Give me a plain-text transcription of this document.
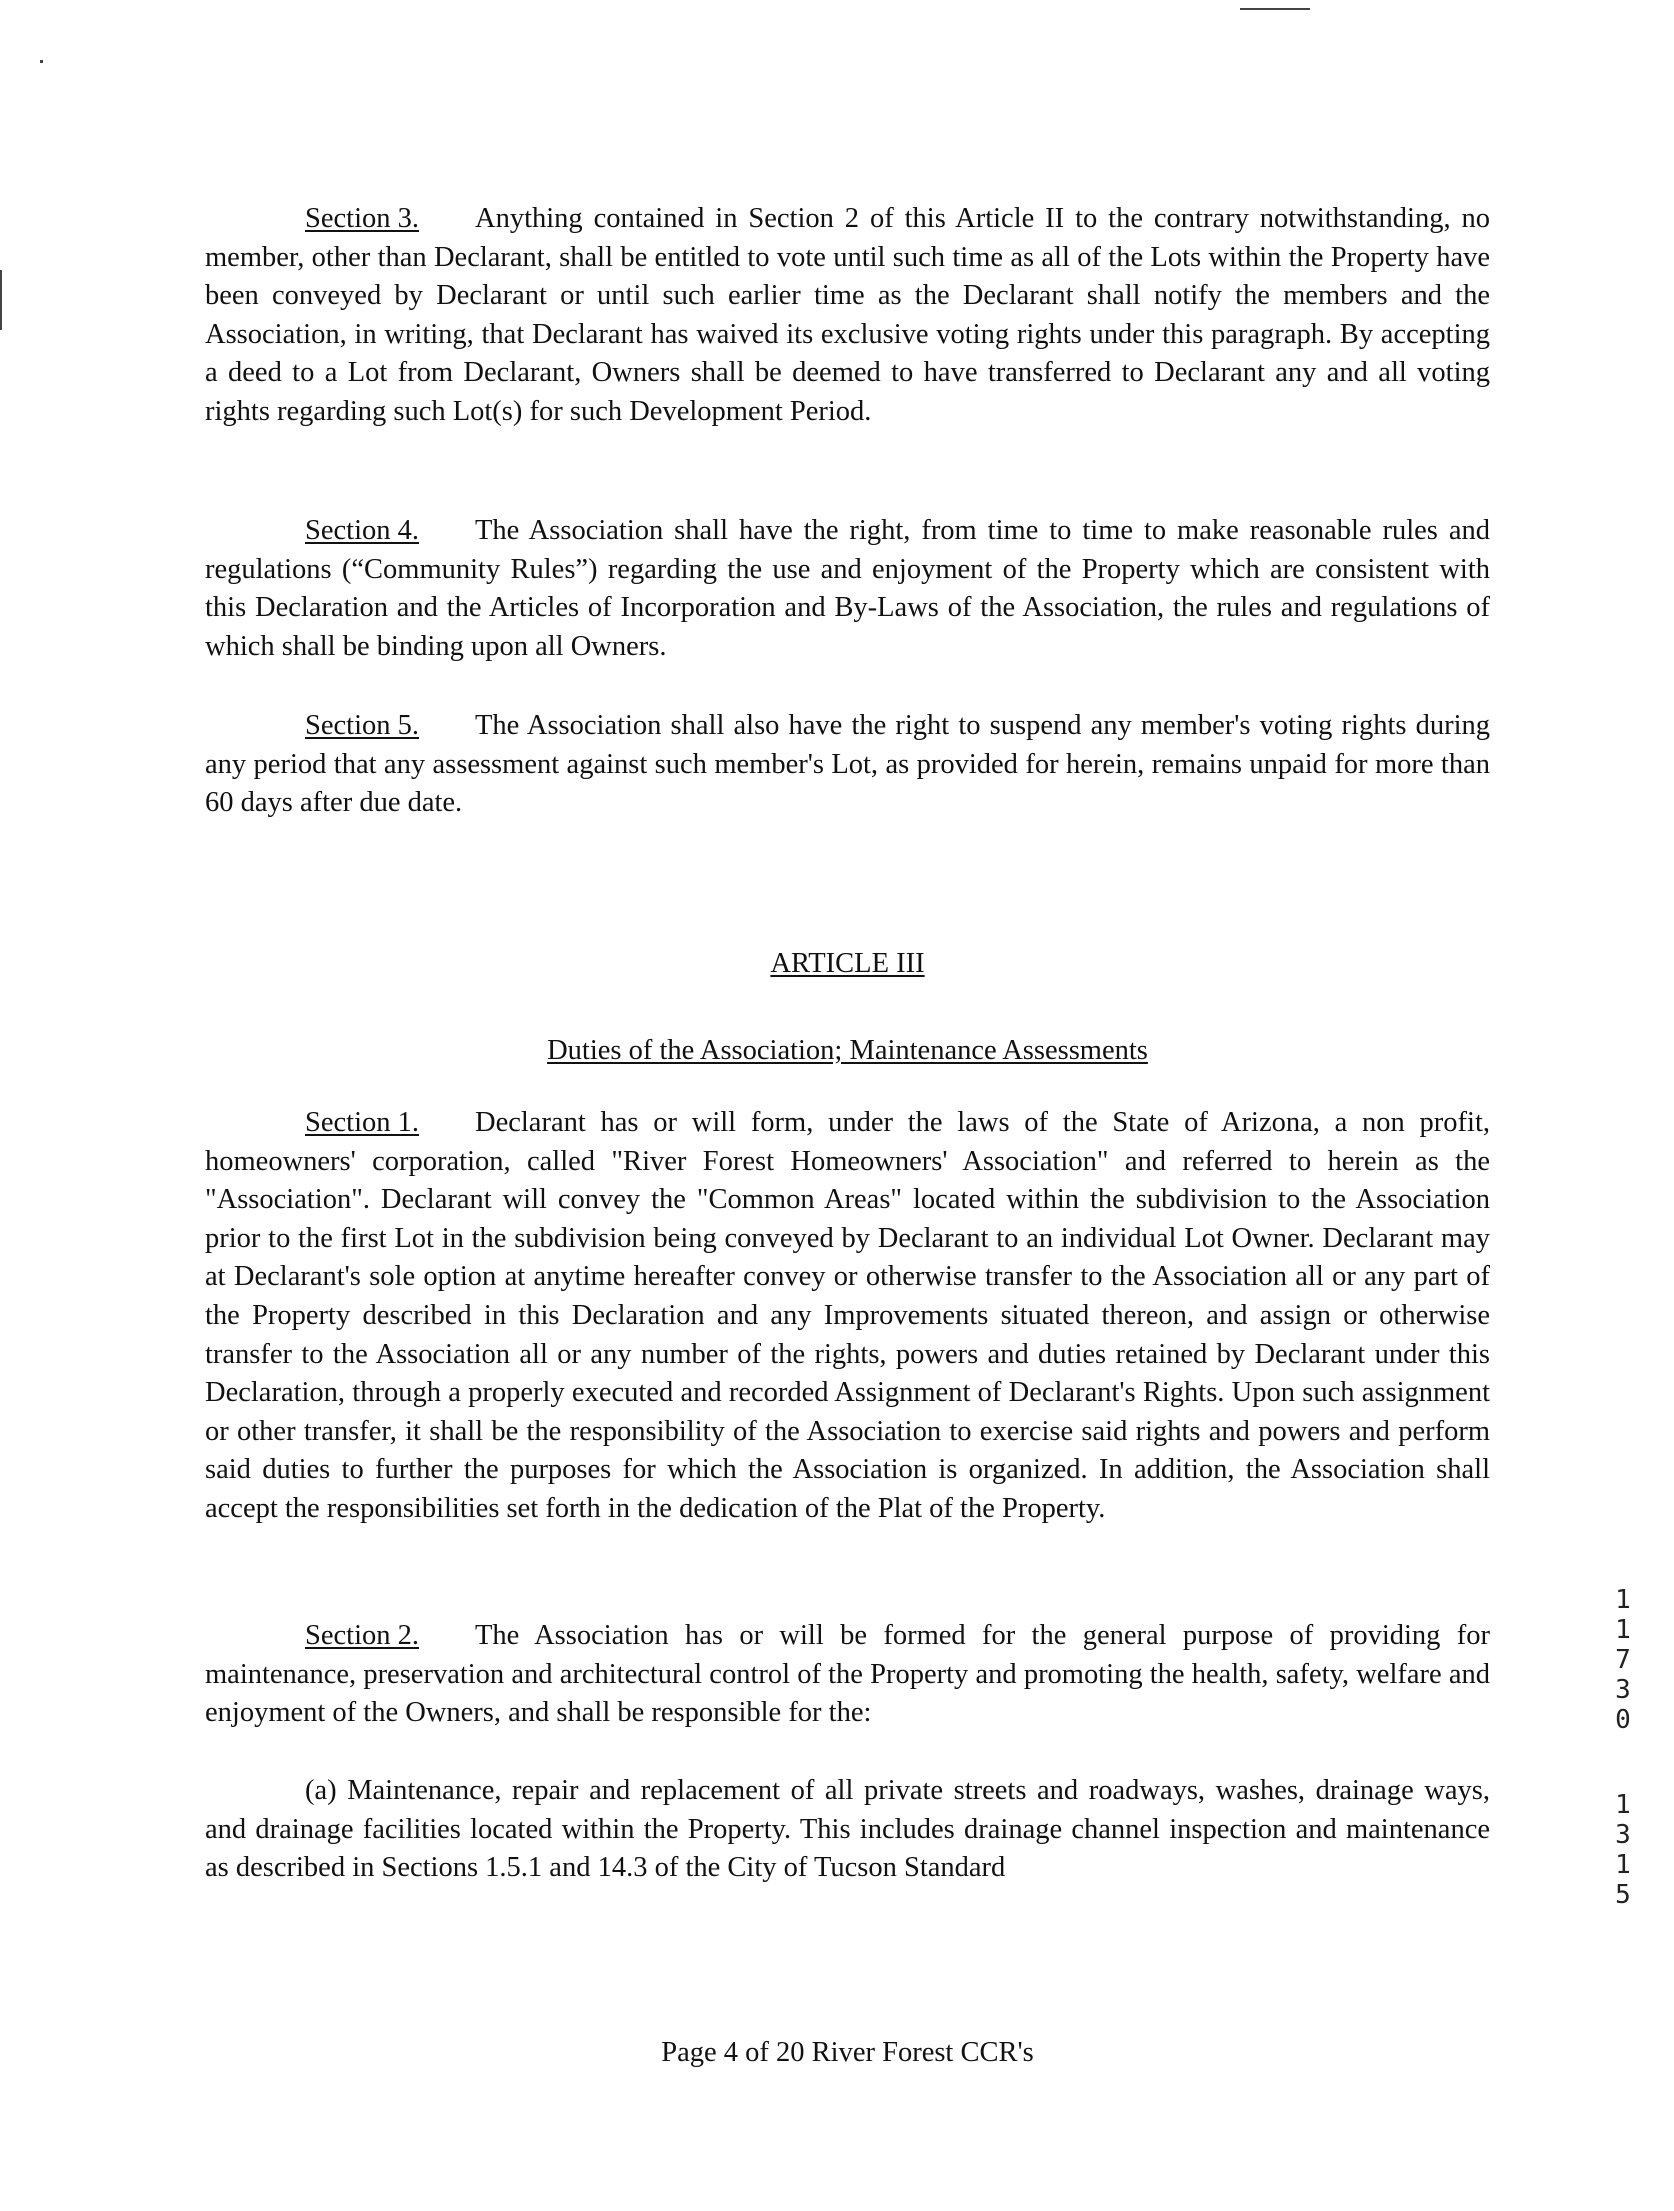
Section 3. Anything contained in Section 2 of this Article II to the contrary notwithstanding, no member, other than Declarant, shall be entitled to vote until such time as all of the Lots within the Property have been conveyed by Declarant or until such earlier time as the Declarant shall notify the members and the Association, in writing, that Declarant has waived its exclusive voting rights under this paragraph. By accepting a deed to a Lot from Declarant, Owners shall be deemed to have transferred to Declarant any and all voting rights regarding such Lot(s) for such Development Period.

Section 4. The Association shall have the right, from time to time to make reasonable rules and regulations (“Community Rules”) regarding the use and enjoyment of the Property which are consistent with this Declaration and the Articles of Incorporation and By-Laws of the Association, the rules and regulations of which shall be binding upon all Owners.

Section 5. The Association shall also have the right to suspend any member's voting rights during any period that any assessment against such member's Lot, as provided for herein, remains unpaid for more than 60 days after due date.

ARTICLE III

Duties of the Association; Maintenance Assessments

Section 1. Declarant has or will form, under the laws of the State of Arizona, a non profit, homeowners' corporation, called "River Forest Homeowners' Association" and referred to herein as the "Association". Declarant will convey the "Common Areas" located within the subdivision to the Association prior to the first Lot in the subdivision being conveyed by Declarant to an individual Lot Owner. Declarant may at Declarant's sole option at anytime hereafter convey or otherwise transfer to the Association all or any part of the Property described in this Declaration and any Improvements situated thereon, and assign or otherwise transfer to the Association all or any number of the rights, powers and duties retained by Declarant under this Declaration, through a properly executed and recorded Assignment of Declarant's Rights. Upon such assignment or other transfer, it shall be the responsibility of the Association to exercise said rights and powers and perform said duties to further the purposes for which the Association is organized. In addition, the Association shall accept the responsibilities set forth in the dedication of the Plat of the Property.

Section 2. The Association has or will be formed for the general purpose of providing for maintenance, preservation and architectural control of the Property and promoting the health, safety, welfare and enjoyment of the Owners, and shall be responsible for the:

(a) Maintenance, repair and replacement of all private streets and roadways, washes, drainage ways, and drainage facilities located within the Property. This includes drainage channel inspection and maintenance as described in Sections 1.5.1 and 14.3 of the City of Tucson Standard

Page 4 of 20 River Forest CCR's
1 1 7 3 0
1 3 1 5
